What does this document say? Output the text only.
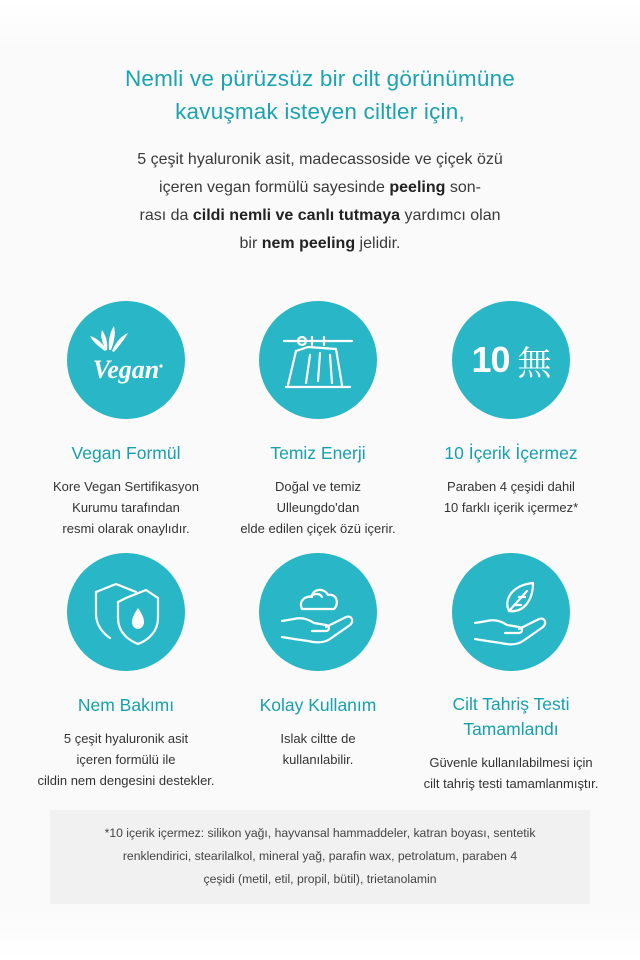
Nemli ve pürüzsüz bir cilt görünümüne
kavuşmak isteyen ciltler için,
5 çeşit hyaluronik asit, madecassoside ve çiçek özü
içeren vegan formülü sayesinde peeling son-
rası da cildi nemli ve canlı tutmaya yardımcı olan
bir nem peeling jelidir.
Vegan
Vegan Formül
Kore Vegan Sertifikasyon
Kurumu tarafından
resmi olarak onaylıdır.
Temiz Enerji
Doğal ve temiz
Ulleungdo'dan
elde edilen çiçek özü içerir.
10 無
10 İçerik İçermez
Paraben 4 çeşidi dahil
10 farklı içerik içermez*
Nem Bakımı
5 çeşit hyaluronik asit
içeren formülü ile
cildin nem dengesini destekler.
Kolay Kullanım
Islak ciltte de
kullanılabilir.
Cilt Tahriş Testi
Tamamlandı
Güvenle kullanılabilmesi için
cilt tahriş testi tamamlanmıştır.
*10 içerik içermez: silikon yağı, hayvansal hammaddeler, katran boyası, sentetik
renklendirici, stearilalkol, mineral yağ, parafin wax, petrolatum, paraben 4
çeşidi (metil, etil, propil, bütil), trietanolamin
